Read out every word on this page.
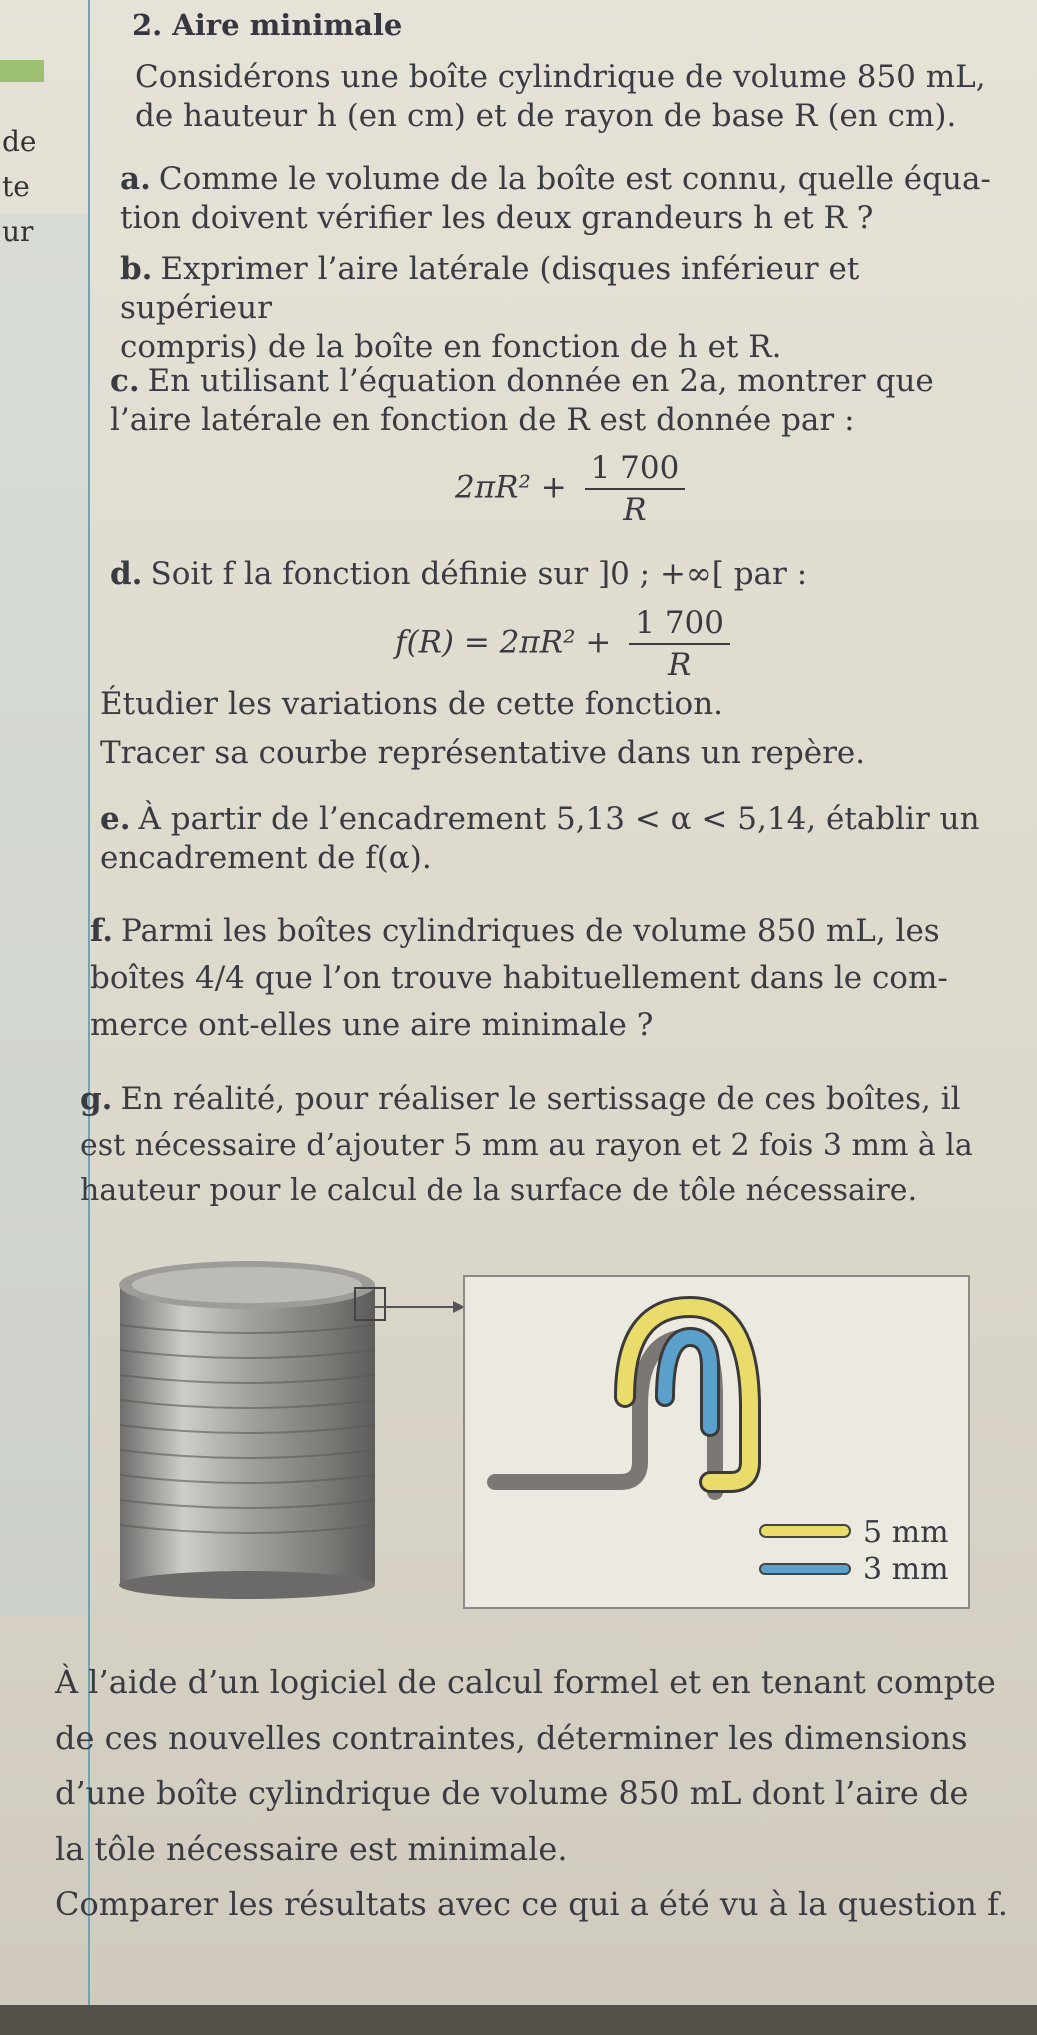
de
te
ur
2. Aire minimale
Considérons une boîte cylindrique de volume 850 mL,
de hauteur h (en cm) et de rayon de base R (en cm).
a. Comme le volume de la boîte est connu, quelle équa-
tion doivent vérifier les deux grandeurs h et R ?
b. Exprimer l’aire latérale (disques inférieur et supérieur
compris) de la boîte en fonction de h et R.
c. En utilisant l’équation donnée en 2a, montrer que
l’aire latérale en fonction de R est donnée par :
$2\pi R^2 + \frac{1 700}{R}$
d. Soit f la fonction définie sur ]0 ; +∞[ par :
$f(R) = 2\pi R^2 + \frac{1 700}{R}$
Étudier les variations de cette fonction.
Tracer sa courbe représentative dans un repère.
e. À partir de l’encadrement 5,13 < α < 5,14, établir un
encadrement de f(α).
f. Parmi les boîtes cylindriques de volume 850 mL, les
boîtes 4/4 que l’on trouve habituellement dans le com-
merce ont-elles une aire minimale ?
g. En réalité, pour réaliser le sertissage de ces boîtes, il
est nécessaire d’ajouter 5 mm au rayon et 2 fois 3 mm à la
hauteur pour le calcul de la surface de tôle nécessaire.
5 mm
3 mm
À l’aide d’un logiciel de calcul formel et en tenant compte
de ces nouvelles contraintes, déterminer les dimensions
d’une boîte cylindrique de volume 850 mL dont l’aire de
la tôle nécessaire est minimale.
Comparer les résultats avec ce qui a été vu à la question f.
